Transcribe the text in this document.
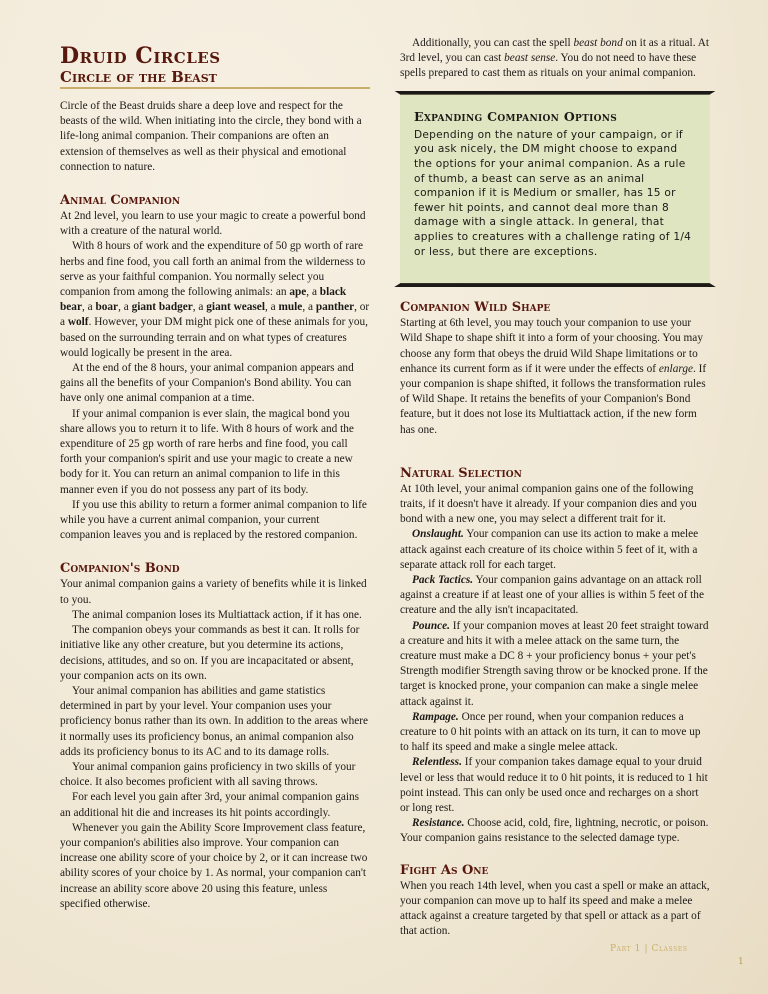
Druid Circles
Circle of the Beast

Circle of the Beast druids share a deep love and respect for the beasts of the wild. When initiating into the circle, they bond with a life-long animal companion. Their companions are often an extension of themselves as well as their physical and emotional connection to nature.

Animal Companion

At 2nd level, you learn to use your magic to create a powerful bond with a creature of the natural world.

With 8 hours of work and the expenditure of 50 gp worth of rare herbs and fine food, you call forth an animal from the wilderness to serve as your faithful companion. You normally select you companion from among the following animals: an ape, a black bear, a boar, a giant badger, a giant weasel, a mule, a panther, or a wolf. However, your DM might pick one of these animals for you, based on the surrounding terrain and on what types of creatures would logically be present in the area.

At the end of the 8 hours, your animal companion appears and gains all the benefits of your Companion's Bond ability. You can have only one animal companion at a time.

If your animal companion is ever slain, the magical bond you share allows you to return it to life. With 8 hours of work and the expenditure of 25 gp worth of rare herbs and fine food, you call forth your companion's spirit and use your magic to create a new body for it. You can return an animal companion to life in this manner even if you do not possess any part of its body.

If you use this ability to return a former animal companion to life while you have a current animal companion, your current companion leaves you and is replaced by the restored companion.

Companion's Bond

Your animal companion gains a variety of benefits while it is linked to you.

The animal companion loses its Multiattack action, if it has one.

The companion obeys your commands as best it can. It rolls for initiative like any other creature, but you determine its actions, decisions, attitudes, and so on. If you are incapacitated or absent, your companion acts on its own.

Your animal companion has abilities and game statistics determined in part by your level. Your companion uses your proficiency bonus rather than its own. In addition to the areas where it normally uses its proficiency bonus, an animal companion also adds its proficiency bonus to its AC and to its damage rolls.

Your animal companion gains proficiency in two skills of your choice. It also becomes proficient with all saving throws.

For each level you gain after 3rd, your animal companion gains an additional hit die and increases its hit points accordingly.

Whenever you gain the Ability Score Improvement class feature, your companion's abilities also improve. Your companion can increase one ability score of your choice by 2, or it can increase two ability scores of your choice by 1. As normal, your companion can't increase an ability score above 20 using this feature, unless specified otherwise.

Additionally, you can cast the spell beast bond on it as a ritual. At 3rd level, you can cast beast sense. You do not need to have these spells prepared to cast them as rituals on your animal companion.

Expanding Companion Options
Depending on the nature of your campaign, or if you ask nicely, the DM might choose to expand the options for your animal companion. As a rule of thumb, a beast can serve as an animal companion if it is Medium or smaller, has 15 or fewer hit points, and cannot deal more than 8 damage with a single attack. In general, that applies to creatures with a challenge rating of 1/4 or less, but there are exceptions.
Companion Wild Shape

Starting at 6th level, you may touch your companion to use your Wild Shape to shape shift it into a form of your choosing. You may choose any form that obeys the druid Wild Shape limitations or to enhance its current form as if it were under the effects of enlarge. If your companion is shape shifted, it follows the transformation rules of Wild Shape. It retains the benefits of your Companion's Bond feature, but it does not lose its Multiattack action, if the new form has one.

Natural Selection

At 10th level, your animal companion gains one of the following traits, if it doesn't have it already. If your companion dies and you bond with a new one, you may select a different trait for it.

Onslaught. Your companion can use its action to make a melee attack against each creature of its choice within 5 feet of it, with a separate attack roll for each target.

Pack Tactics. Your companion gains advantage on an attack roll against a creature if at least one of your allies is within 5 feet of the creature and the ally isn't incapacitated.

Pounce. If your companion moves at least 20 feet straight toward a creature and hits it with a melee attack on the same turn, the creature must make a DC 8 + your proficiency bonus + your pet's Strength modifier Strength saving throw or be knocked prone. If the target is knocked prone, your companion can make a single melee attack against it.

Rampage. Once per round, when your companion reduces a creature to 0 hit points with an attack on its turn, it can to move up to half its speed and make a single melee attack.

Relentless. If your companion takes damage equal to your druid level or less that would reduce it to 0 hit points, it is reduced to 1 hit point instead. This can only be used once and recharges on a short or long rest.

Resistance. Choose acid, cold, fire, lightning, necrotic, or poison. Your companion gains resistance to the selected damage type.

Fight As One

When you reach 14th level, when you cast a spell or make an attack, your companion can move up to half its speed and make a melee attack against a creature targeted by that spell or attack as a part of that action.

Part 1 | Classes
1
